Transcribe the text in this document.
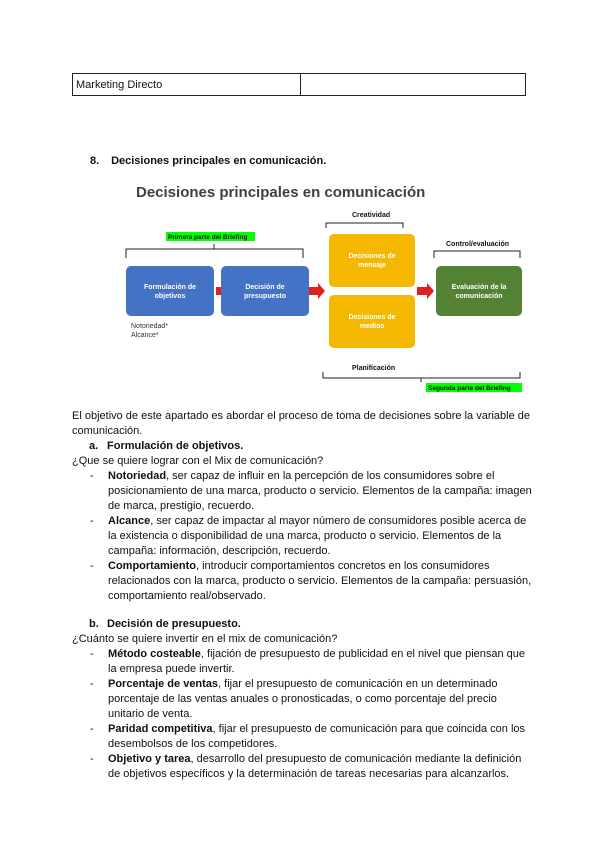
Marketing Directo
8. Decisiones principales en comunicación.
Decisiones principales en comunicación
Creatividad
Primera parte del Briefing
Control/evaluación
Formulación de
objetivos
Decisión de
presupuesto
Decisiones de
mensaje
Decisiones de
medios
Evaluación de la
comunicación
Notoriedad*
Alcance*
Planificación
Segunda parte del Briefing

El objetivo de este apartado es abordar el proceso de toma de decisiones sobre la variable de comunicación.

a. Formulación de objetivos.

¿Que se quiere lograr con el Mix de comunicación?

- Notoriedad, ser capaz de influir en la percepción de los consumidores sobre el posicionamiento de una marca, producto o servicio. Elementos de la campaña: imagen de marca, prestigio, recuerdo.
- Alcance, ser capaz de impactar al mayor número de consumidores posible acerca de la existencia o disponibilidad de una marca, producto o servicio. Elementos de la campaña: información, descripción, recuerdo.
- Comportamiento, introducir comportamientos concretos en los consumidores relacionados con la marca, producto o servicio. Elementos de la campaña: persuasión, comportamiento real/observado.

b. Decisión de presupuesto.

¿Cuánto se quiere invertir en el mix de comunicación?

- Método costeable, fijación de presupuesto de publicidad en el nivel que piensan que la empresa puede invertir.
- Porcentaje de ventas, fijar el presupuesto de comunicación en un determinado porcentaje de las ventas anuales o pronosticadas, o como porcentaje del precio unitario de venta.
- Paridad competitiva, fijar el presupuesto de comunicación para que coincida con los desembolsos de los competidores.
- Objetivo y tarea, desarrollo del presupuesto de comunicación mediante la definición de objetivos específicos y la determinación de tareas necesarias para alcanzarlos.
